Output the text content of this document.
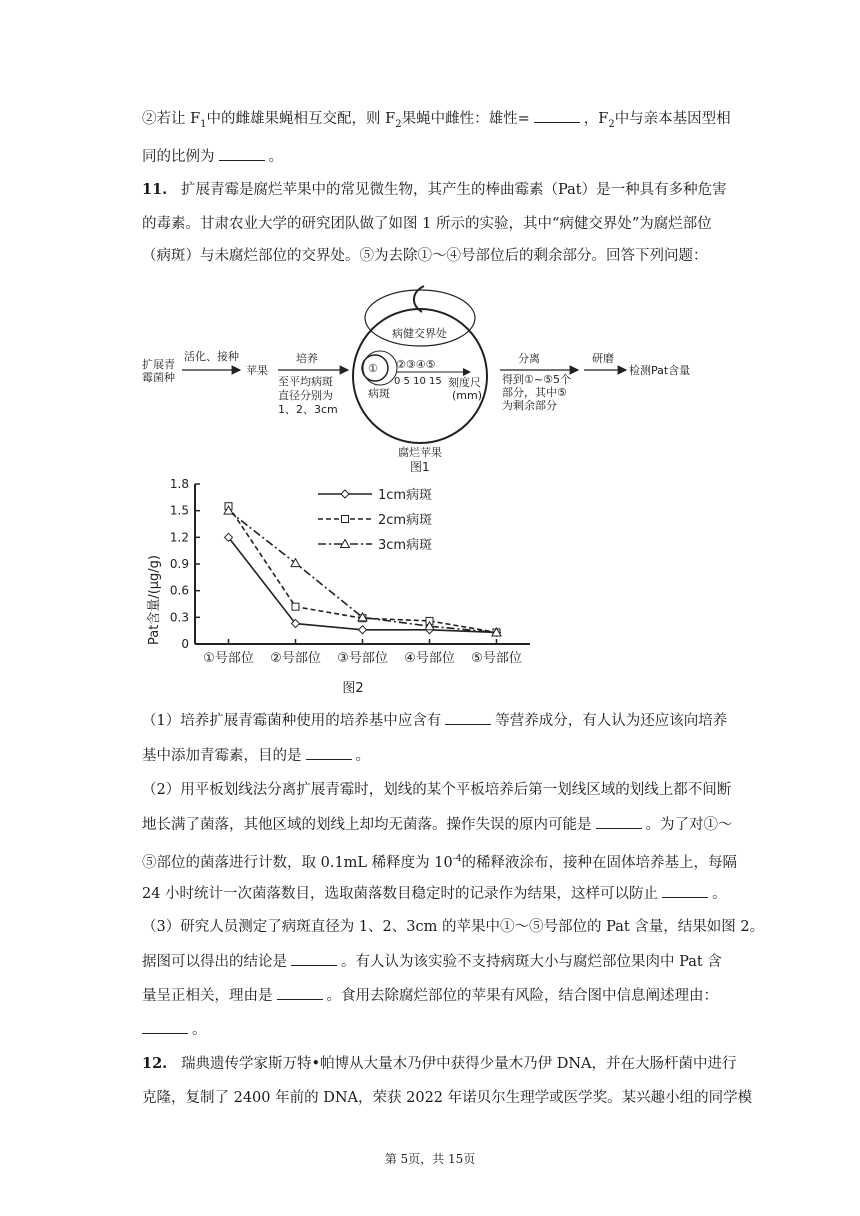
②若让 $F_1$中的雌雄果蝇相互交配，则 $F_2$果蝇中雌性：雄性=	，$F_2$中与亲本基因型相
同的比例为	。
11. 扩展青霉是腐烂苹果中的常见微生物，其产生的棒曲霉素（Pat）是一种具有多种危害
的毒素。甘肃农业大学的研究团队做了如图 1 所示的实验，其中“病健交界处”为腐烂部位
（病斑）与未腐烂部位的交界处。⑤为去除①～④号部位后的剩余部分。回答下列问题：
扩展青
霉菌种
活化、接种
苹果
培养
至平均病斑
直径分别为
1、2、3cm
病健交界处
① ②③④⑤
0 5 10 15 刻度尺
(mm)
病斑
腐烂苹果
图1
分离
得到①~⑤5个
部分，其中⑤
为剩余部分
研磨
检测Pat含量
Pat含量/(μg/g) 0
0.3
0.6
0.9
1.2
1.5
1.8
①号部位 ②号部位 ③号部位 ④号部位 ⑤号部位
1cm病斑
2cm病斑
3cm病斑
图2
（1）培养扩展青霉菌种使用的培养基中应含有	等营养成分，有人认为还应该向培养
基中添加青霉素，目的是	。
（2）用平板划线法分离扩展青霉时，划线的某个平板培养后第一划线区域的划线上都不间断
地长满了菌落，其他区域的划线上却均无菌落。操作失误的原内可能是	。为了对①～
⑤部位的菌落进行计数，取 0.1mL 稀释度为 $10^{-4}$的稀释液涂布，接种在固体培养基上，每隔
24 小时统计一次菌落数目，选取菌落数目稳定时的记录作为结果，这样可以防止	。
（3）研究人员测定了病斑直径为 1、2、3cm 的苹果中①～⑤号部位的 Pat 含量，结果如图 2。
据图可以得出的结论是	。有人认为该实验不支持病斑大小与腐烂部位果肉中 Pat 含
量呈正相关，理由是	。食用去除腐烂部位的苹果有风险，结合图中信息阐述理由：
。
12. 瑞典遗传学家斯万特•帕博从大量木乃伊中获得少量木乃伊 DNA，并在大肠杆菌中进行
克隆，复制了 2400 年前的 DNA，荣获 2022 年诺贝尔生理学或医学奖。某兴趣小组的同学模
第 5页，共 15页
